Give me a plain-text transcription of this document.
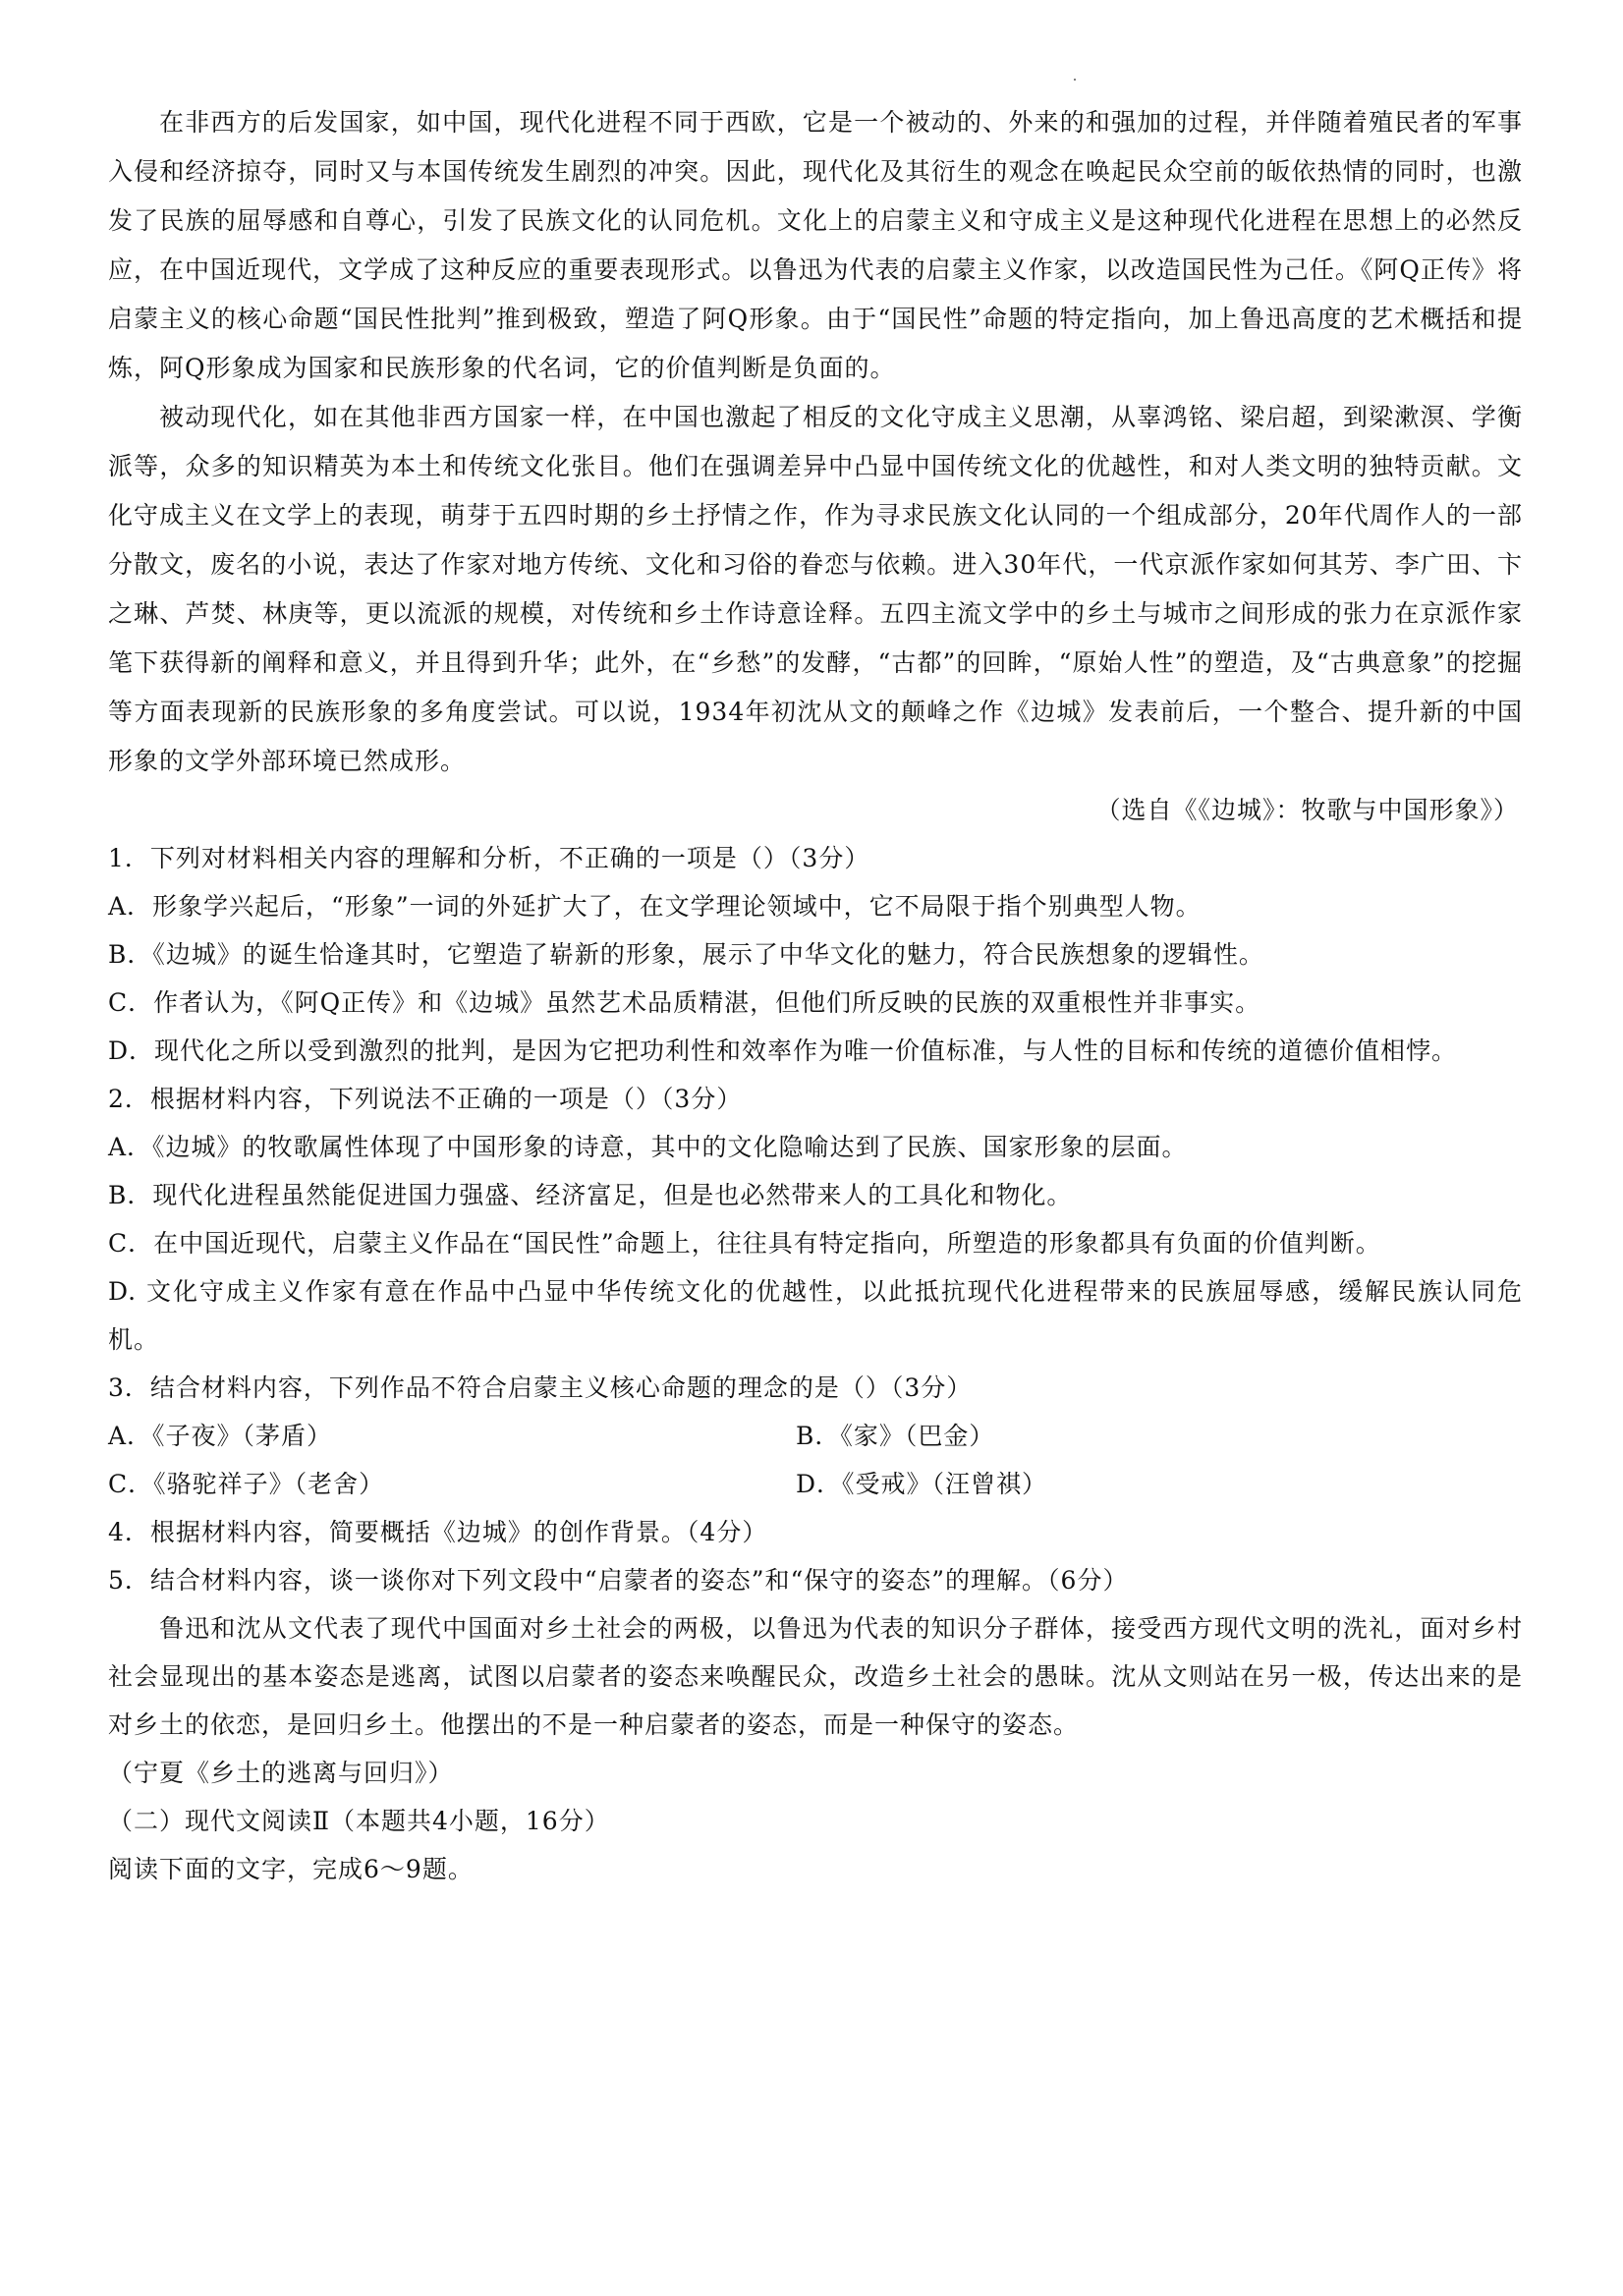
在非西方的后发国家，如中国，现代化进程不同于西欧，它是一个被动的、外来的和强加的过程，并伴随着殖民者的军事入侵和经济掠夺，同时又与本国传统发生剧烈的冲突。因此，现代化及其衍生的观念在唤起民众空前的皈依热情的同时，也激发了民族的屈辱感和自尊心，引发了民族文化的认同危机。文化上的启蒙主义和守成主义是这种现代化进程在思想上的必然反应，在中国近现代，文学成了这种反应的重要表现形式。以鲁迅为代表的启蒙主义作家，以改造国民性为己任。《阿Q正传》将启蒙主义的核心命题“国民性批判”推到极致，塑造了阿Q形象。由于“国民性”命题的特定指向，加上鲁迅高度的艺术概括和提炼，阿Q形象成为国家和民族形象的代名词，它的价值判断是负面的。

被动现代化，如在其他非西方国家一样，在中国也激起了相反的文化守成主义思潮，从辜鸿铭、梁启超，到梁漱溟、学衡派等，众多的知识精英为本土和传统文化张目。他们在强调差异中凸显中国传统文化的优越性，和对人类文明的独特贡献。文化守成主义在文学上的表现，萌芽于五四时期的乡土抒情之作，作为寻求民族文化认同的一个组成部分，20年代周作人的一部分散文，废名的小说，表达了作家对地方传统、文化和习俗的眷恋与依赖。进入30年代，一代京派作家如何其芳、李广田、卞之琳、芦焚、林庚等，更以流派的规模，对传统和乡土作诗意诠释。五四主流文学中的乡土与城市之间形成的张力在京派作家笔下获得新的阐释和意义，并且得到升华；此外，在“乡愁”的发酵，“古都”的回眸，“原始人性”的塑造，及“古典意象”的挖掘等方面表现新的民族形象的多角度尝试。可以说，1934年初沈从文的颠峰之作《边城》发表前后，一个整合、提升新的中国形象的文学外部环境已然成形。

（选自《《边城》：牧歌与中国形象》）

1．下列对材料相关内容的理解和分析，不正确的一项是（）（3分）

A．形象学兴起后，“形象”一词的外延扩大了，在文学理论领域中，它不局限于指个别典型人物。

B．《边城》的诞生恰逢其时，它塑造了崭新的形象，展示了中华文化的魅力，符合民族想象的逻辑性。

C．作者认为，《阿Q正传》和《边城》虽然艺术品质精湛，但他们所反映的民族的双重根性并非事实。

D．现代化之所以受到激烈的批判，是因为它把功利性和效率作为唯一价值标准，与人性的目标和传统的道德价值相悖。

2．根据材料内容，下列说法不正确的一项是（）（3分）

A．《边城》的牧歌属性体现了中国形象的诗意，其中的文化隐喻达到了民族、国家形象的层面。

B．现代化进程虽然能促进国力强盛、经济富足，但是也必然带来人的工具化和物化。

C．在中国近现代，启蒙主义作品在“国民性”命题上，往往具有特定指向，所塑造的形象都具有负面的价值判断。

D. 文化守成主义作家有意在作品中凸显中华传统文化的优越性，以此抵抗现代化进程带来的民族屈辱感，缓解民族认同危机。

3．结合材料内容，下列作品不符合启蒙主义核心命题的理念的是（）（3分）

A．《子夜》（茅盾）	B．《家》（巴金）
C．《骆驼祥子》（老舍）	D．《受戒》（汪曾祺）

4．根据材料内容，简要概括《边城》的创作背景。（4分）

5．结合材料内容，谈一谈你对下列文段中“启蒙者的姿态”和“保守的姿态”的理解。（6分）

鲁迅和沈从文代表了现代中国面对乡土社会的两极，以鲁迅为代表的知识分子群体，接受西方现代文明的洗礼，面对乡村社会显现出的基本姿态是逃离，试图以启蒙者的姿态来唤醒民众，改造乡土社会的愚昧。沈从文则站在另一极，传达出来的是对乡土的依恋，是回归乡土。他摆出的不是一种启蒙者的姿态，而是一种保守的姿态。

（宁夏《乡土的逃离与回归》）

（二）现代文阅读Ⅱ（本题共4小题，16分）

阅读下面的文字，完成6～9题。
